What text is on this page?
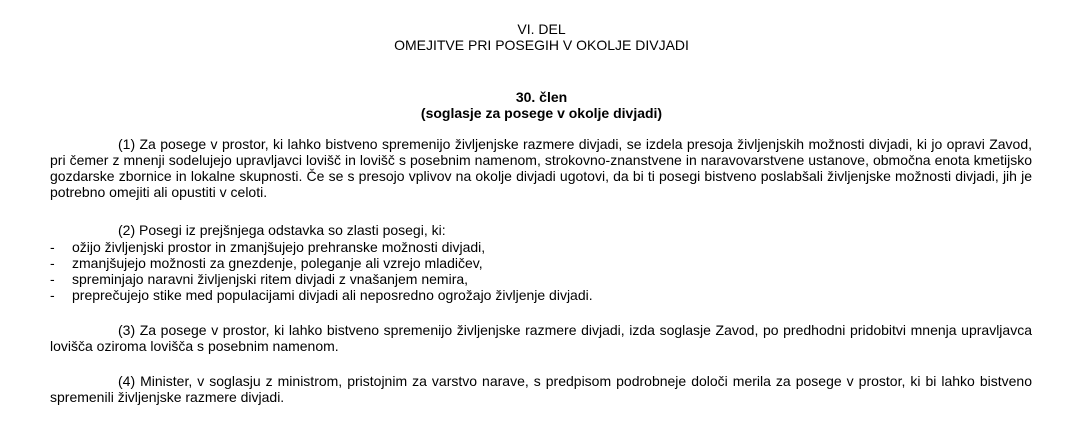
VI. DEL
OMEJITVE PRI POSEGIH V OKOLJE DIVJADI
30. člen
(soglasje za posege v okolje divjadi)

(1) Za posege v prostor, ki lahko bistveno spremenijo življenjske razmere divjadi, se izdela presoja življenjskih možnosti divjadi, ki jo opravi Zavod, pri čemer z mnenji sodelujejo upravljavci lovišč in lovišč s posebnim namenom, strokovno-znanstvene in naravovarstvene ustanove, območna enota kmetijsko gozdarske zbornice in lokalne skupnosti. Če se s presojo vplivov na okolje divjadi ugotovi, da bi ti posegi bistveno poslabšali življenjske možnosti divjadi, jih je potrebno omejiti ali opustiti v celoti.

(2) Posegi iz prejšnjega odstavka so zlasti posegi, ki:

- ožijo življenjski prostor in zmanjšujejo prehranske možnosti divjadi,
- zmanjšujejo možnosti za gnezdenje, poleganje ali vzrejo mladičev,
- spreminjajo naravni življenjski ritem divjadi z vnašanjem nemira,
- preprečujejo stike med populacijami divjadi ali neposredno ogrožajo življenje divjadi.

(3) Za posege v prostor, ki lahko bistveno spremenijo življenjske razmere divjadi, izda soglasje Zavod, po predhodni pridobitvi mnenja upravljavca lovišča oziroma lovišča s posebnim namenom.

(4) Minister, v soglasju z ministrom, pristojnim za varstvo narave, s predpisom podrobneje določi merila za posege v prostor, ki bi lahko bistveno spremenili življenjske razmere divjadi.
